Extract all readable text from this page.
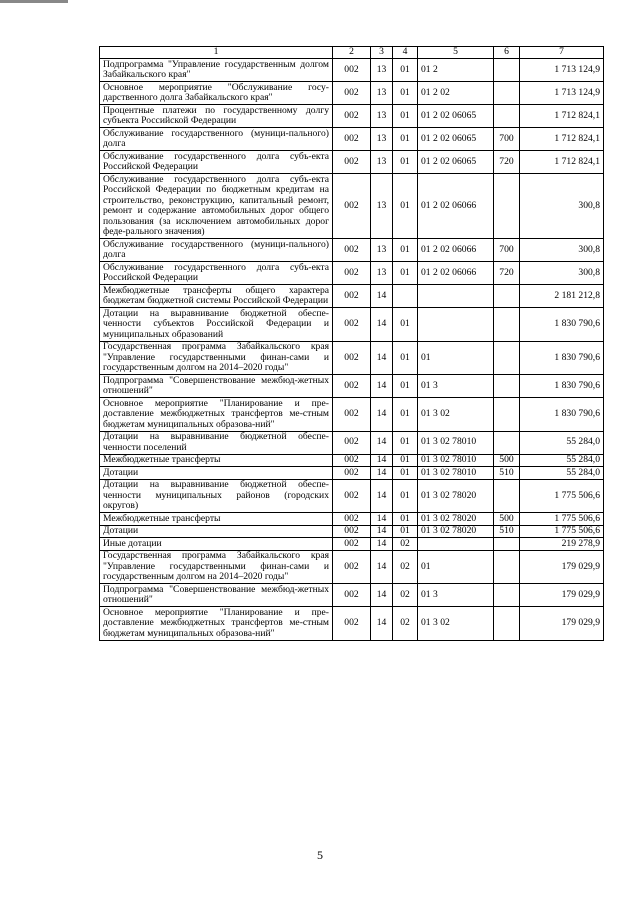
1	2	3	4	5	6	7
Подпрограмма "Управление государственным долгом Забайкальского края"	002	13	01	01 2		1 713 124,9
Основное мероприятие "Обслуживание госу-дарственного долга Забайкальского края"	002	13	01	01 2 02		1 713 124,9
Процентные платежи по государственному долгу субъекта Российской Федерации	002	13	01	01 2 02 06065		1 712 824,1
Обслуживание государственного (муници-пального) долга	002	13	01	01 2 02 06065	700	1 712 824,1
Обслуживание государственного долга субъ-екта Российской Федерации	002	13	01	01 2 02 06065	720	1 712 824,1
Обслуживание государственного долга субъ-екта Российской Федерации по бюджетным кредитам на строительство, реконструкцию, капитальный ремонт, ремонт и содержание автомобильных дорог общего пользования (за исключением автомобильных дорог феде-рального значения)	002	13	01	01 2 02 06066		300,8
Обслуживание государственного (муници-пального) долга	002	13	01	01 2 02 06066	700	300,8
Обслуживание государственного долга субъ-екта Российской Федерации	002	13	01	01 2 02 06066	720	300,8
Межбюджетные трансферты общего характера бюджетам бюджетной системы Российской Федерации	002	14				2 181 212,8
Дотации на выравнивание бюджетной обеспе-ченности субъектов Российской Федерации и муниципальных образований	002	14	01			1 830 790,6
Государственная программа Забайкальского края "Управление государственными финан-сами и государственным долгом на 2014–2020 годы"	002	14	01	01		1 830 790,6
Подпрограмма "Совершенствование межбюд-жетных отношений"	002	14	01	01 3		1 830 790,6
Основное мероприятие "Планирование и пре-доставление межбюджетных трансфертов ме-стным бюджетам муниципальных образова-ний"	002	14	01	01 3 02		1 830 790,6
Дотации на выравнивание бюджетной обеспе-ченности поселений	002	14	01	01 3 02 78010		55 284,0
Межбюджетные трансферты	002	14	01	01 3 02 78010	500	55 284,0
Дотации	002	14	01	01 3 02 78010	510	55 284,0
Дотации на выравнивание бюджетной обеспе-ченности муниципальных районов (городских округов)	002	14	01	01 3 02 78020		1 775 506,6
Межбюджетные трансферты	002	14	01	01 3 02 78020	500	1 775 506,6
Дотации	002	14	01	01 3 02 78020	510	1 775 506,6
Иные дотации	002	14	02			219 278,9
Государственная программа Забайкальского края "Управление государственными финан-сами и государственным долгом на 2014–2020 годы"	002	14	02	01		179 029,9
Подпрограмма "Совершенствование межбюд-жетных отношений"	002	14	02	01 3		179 029,9
Основное мероприятие "Планирование и пре-доставление межбюджетных трансфертов ме-стным бюджетам муниципальных образова-ний"	002	14	02	01 3 02		179 029,9
5
